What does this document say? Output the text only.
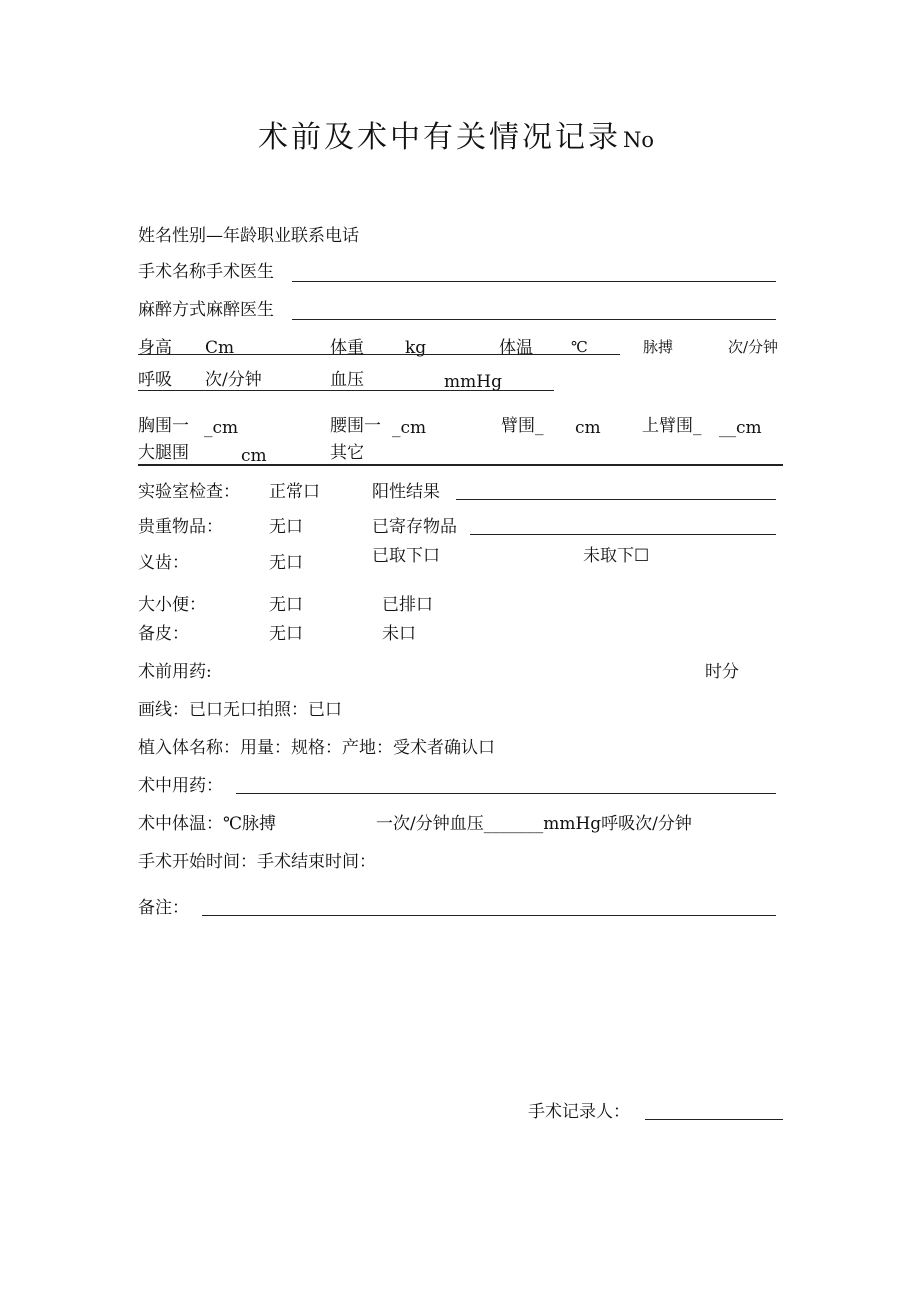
术前及术中有关情况记录No
姓名性别—年龄职业联系电话
手术名称手术医生
麻醉方式麻醉医生
身高 Cm	体重 kg	体温	℃	脉搏	次/分钟
呼吸 次/分钟	血压	mmHg
胸围一 _cm	腰围一 _cm	臂围_ cm 上臂围_ __cm
大腿围	cm	其它
实验室检查： 正常口	阳性结果
贵重物品：	无口	已寄存物品
义齿：	无口	已取下口	未取下☐
大小便：	无口	已排口
备皮：	无口	未口
术前用药:	时分
画线：已口无口拍照：已口
植入体名称：用量：规格：产地：受术者确认口
术中用药：
术中体温：℃脉搏	一次/分钟血压_______mmHg呼吸次/分钟
手术开始时间：手术结束时间：
备注：
手术记录人：
